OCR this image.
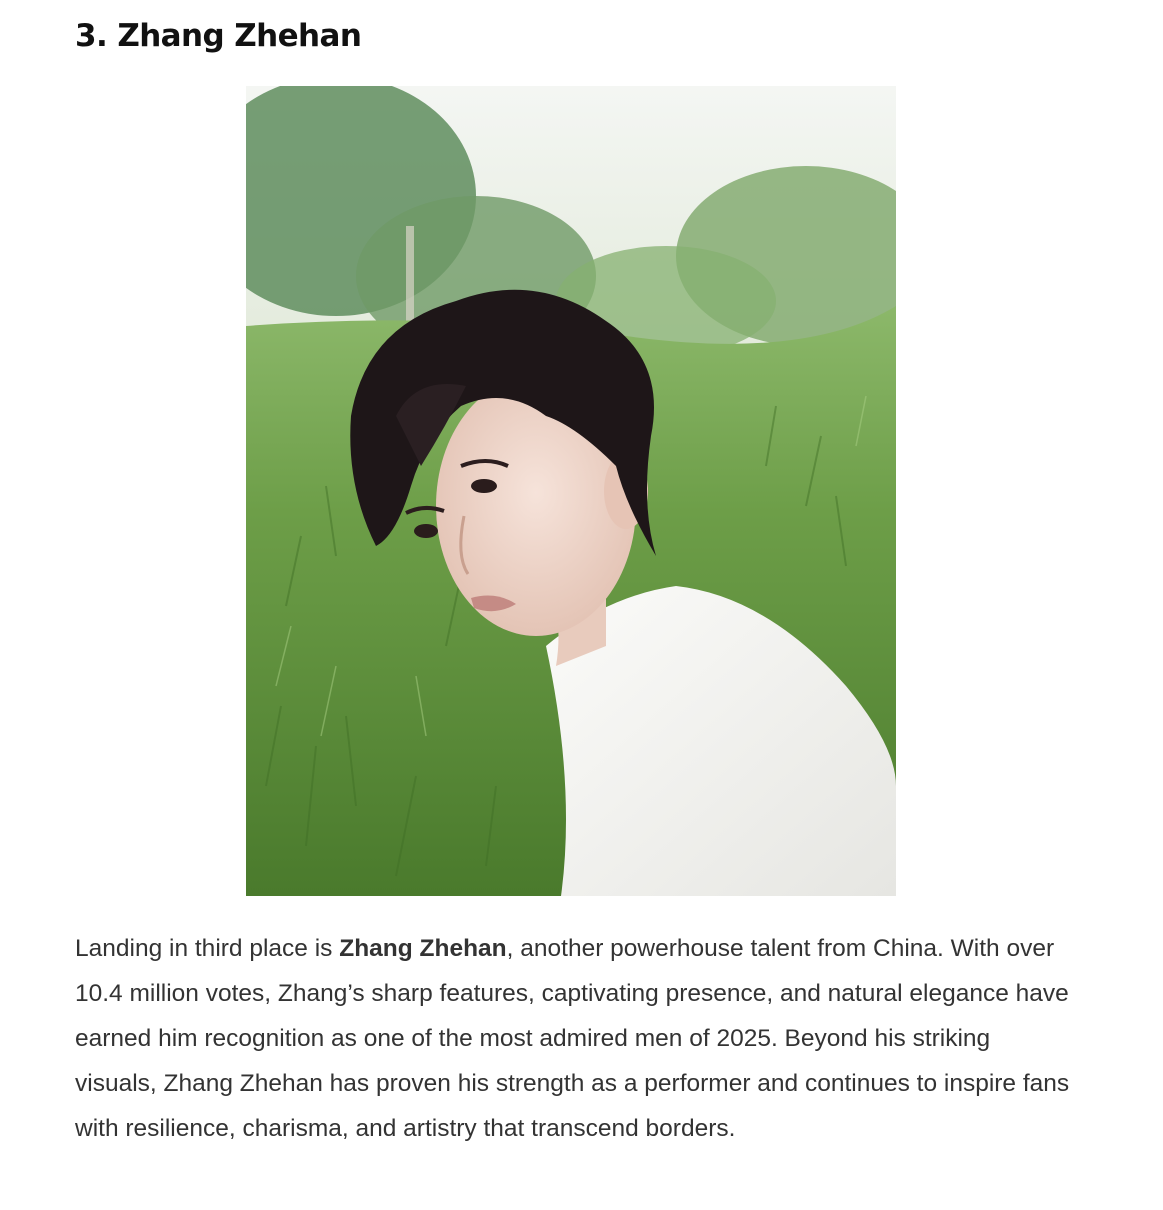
3. Zhang Zhehan

Landing in third place is Zhang Zhehan, another powerhouse talent from China. With over 10.4 million votes, Zhang’s sharp features, captivating presence, and natural elegance have earned him recognition as one of the most admired men of 2025. Beyond his striking visuals, Zhang Zhehan has proven his strength as a performer and continues to inspire fans with resilience, charisma, and artistry that transcend borders.
